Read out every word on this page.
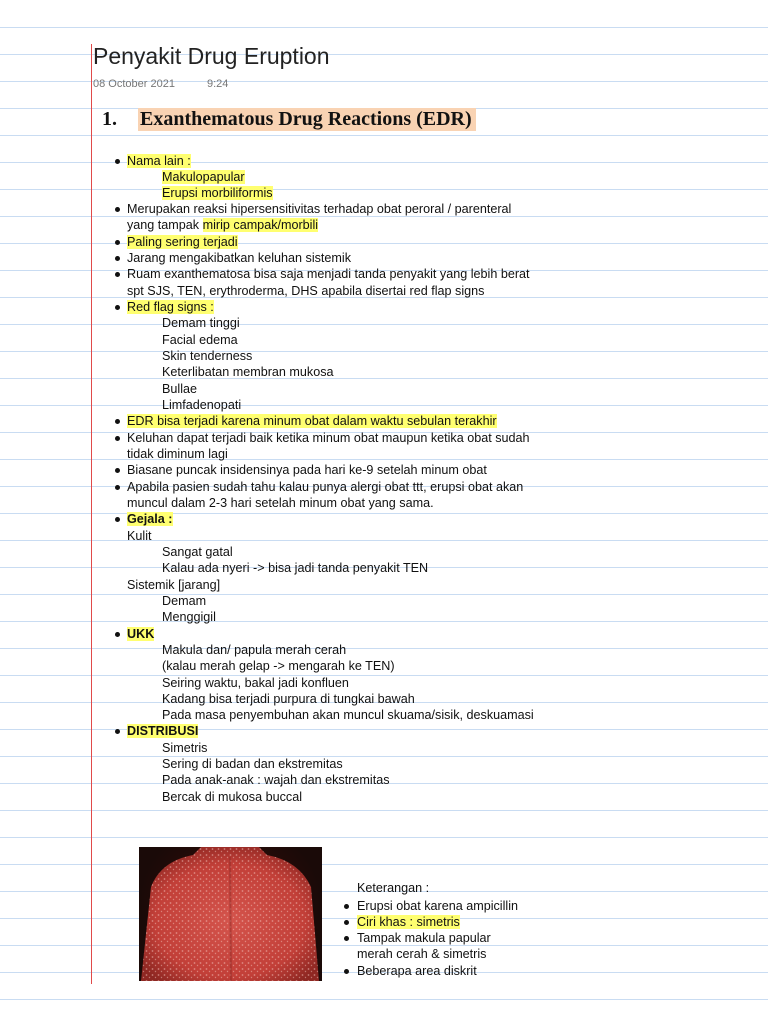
Penyakit Drug Eruption
08 October 2021	9:24
1. Exanthematous Drug Reactions (EDR)
Nama lain :
Makulopapular
Erupsi morbiliformis
Merupakan reaksi hipersensitivitas terhadap obat peroral / parenteral
yang tampak mirip campak/morbili
Paling sering terjadi
Jarang mengakibatkan keluhan sistemik
Ruam exanthematosa bisa saja menjadi tanda penyakit yang lebih berat
spt SJS, TEN, erythroderma, DHS apabila disertai red flap signs
Red flag signs :
Demam tinggi
Facial edema
Skin tenderness
Keterlibatan membran mukosa
Bullae
Limfadenopati
EDR bisa terjadi karena minum obat dalam waktu sebulan terakhir
Keluhan dapat terjadi baik ketika minum obat maupun ketika obat sudah
tidak diminum lagi
Biasane puncak insidensinya pada hari ke-9 setelah minum obat
Apabila pasien sudah tahu kalau punya alergi obat ttt, erupsi obat akan
muncul dalam 2-3 hari setelah minum obat yang sama.
Gejala :
Kulit
Sangat gatal
Kalau ada nyeri -> bisa jadi tanda penyakit TEN
Sistemik [jarang]
Demam
Menggigil
UKK
Makula dan/ papula merah cerah
(kalau merah gelap -> mengarah ke TEN)
Seiring waktu, bakal jadi konfluen
Kadang bisa terjadi purpura di tungkai bawah
Pada masa penyembuhan akan muncul skuama/sisik, deskuamasi
DISTRIBUSI
Simetris
Sering di badan dan ekstremitas
Pada anak-anak : wajah dan ekstremitas
Bercak di mukosa buccal
Keterangan :
Erupsi obat karena ampicillin
Ciri khas : simetris
Tampak makula papular
merah cerah & simetris
Beberapa area diskrit
